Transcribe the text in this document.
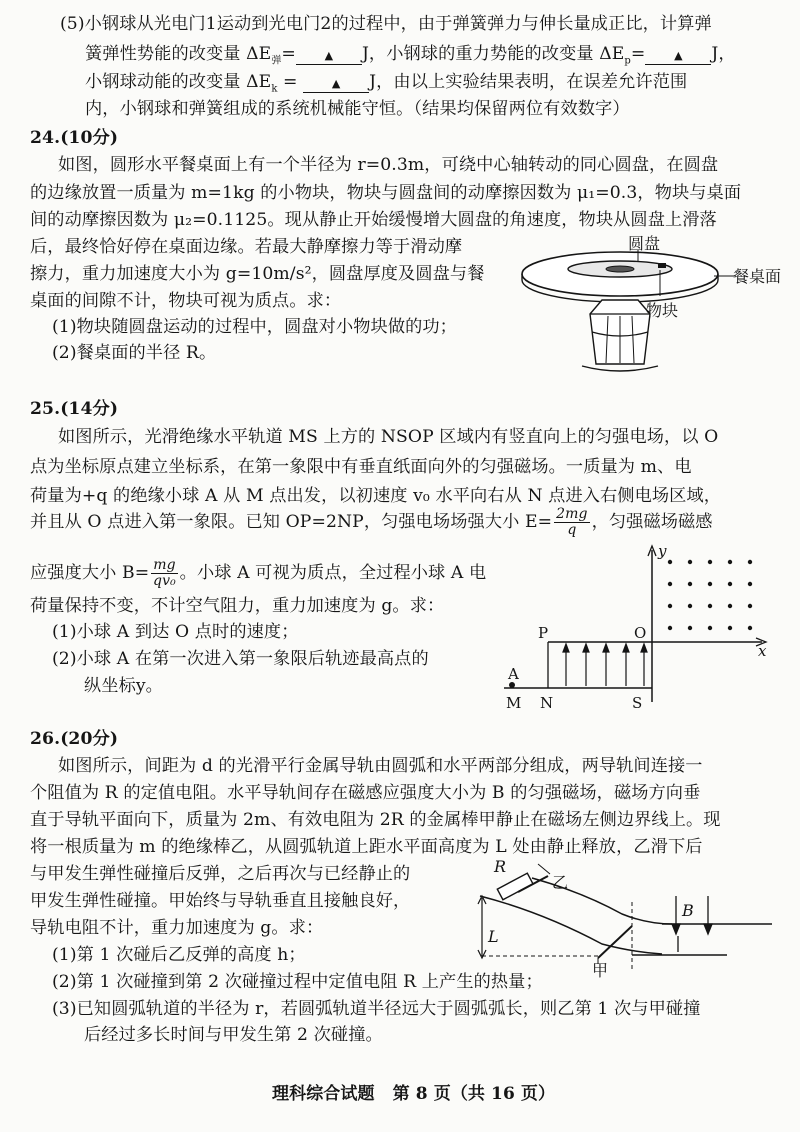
(5)小钢球从光电门1运动到光电门2的过程中，由于弹簧弹力与伸长量成正比，计算弹
簧弹性势能的改变量 $\Delta E_弹=$	▲ J，小钢球的重力势能的改变量 $\Delta E_p=$	▲ J，
小钢球动能的改变量 $\Delta E_k$ =	▲ J，由以上实验结果表明，在误差允许范围
内，小钢球和弹簧组成的系统机械能守恒。（结果均保留两位有效数字）
24.(10分)
如图，圆形水平餐桌面上有一个半径为 r=0.3m，可绕中心轴转动的同心圆盘，在圆盘
的边缘放置一质量为 m=1kg 的小物块，物块与圆盘间的动摩擦因数为 μ₁=0.3，物块与桌面
间的动摩擦因数为 μ₂=0.1125。现从静止开始缓慢增大圆盘的角速度，物块从圆盘上滑落
后，最终恰好停在桌面边缘。若最大静摩擦力等于滑动摩
擦力，重力加速度大小为 g=10m/s²，圆盘厚度及圆盘与餐
桌面的间隙不计，物块可视为质点。求：
(1)物块随圆盘运动的过程中，圆盘对小物块做的功；
(2)餐桌面的半径 R。
圆盘
餐桌面
物块
25.(14分)
如图所示，光滑绝缘水平轨道 MS 上方的 NSOP 区域内有竖直向上的匀强电场，以 O
点为坐标原点建立坐标系，在第一象限中有垂直纸面向外的匀强磁场。一质量为 m、电
荷量为+q 的绝缘小球 A 从 M 点出发，以初速度 v₀ 水平向右从 N 点进入右侧电场区域，
并且从 O 点进入第一象限。已知 OP=2NP，匀强电场场强大小 $E= \frac{2mg}{q}$ ，匀强磁场磁感
应强度大小 $B= \frac{mg}{\text{qv₀}}$ 。小球 A 可视为质点，全过程小球 A 电
荷量保持不变，不计空气阻力，重力加速度为 g。求：
(1)小球 A 到达 O 点时的速度；
(2)小球 A 在第一次进入第一象限后轨迹最高点的
纵坐标y。
y
x
P	O
A
M N	S
26.(20分)
如图所示，间距为 d 的光滑平行金属导轨由圆弧和水平两部分组成，两导轨间连接一
个阻值为 R 的定值电阻。水平导轨间存在磁感应强度大小为 B 的匀强磁场，磁场方向垂
直于导轨平面向下，质量为 2m、有效电阻为 2R 的金属棒甲静止在磁场左侧边界线上。现
将一根质量为 m 的绝缘棒乙，从圆弧轨道上距水平面高度为 L 处由静止释放，乙滑下后
与甲发生弹性碰撞后反弹，之后再次与已经静止的
甲发生弹性碰撞。甲始终与导轨垂直且接触良好，
导轨电阻不计，重力加速度为 g。求：
(1)第 1 次碰后乙反弹的高度 h；
(2)第 1 次碰撞到第 2 次碰撞过程中定值电阻 R 上产生的热量；
(3)已知圆弧轨道的半径为 r，若圆弧轨道半径远大于圆弧弧长，则乙第 1 次与甲碰撞
后经过多长时间与甲发生第 2 次碰撞。
R
乙
B
L
甲
理科综合试题   第 8 页（共 16 页）
